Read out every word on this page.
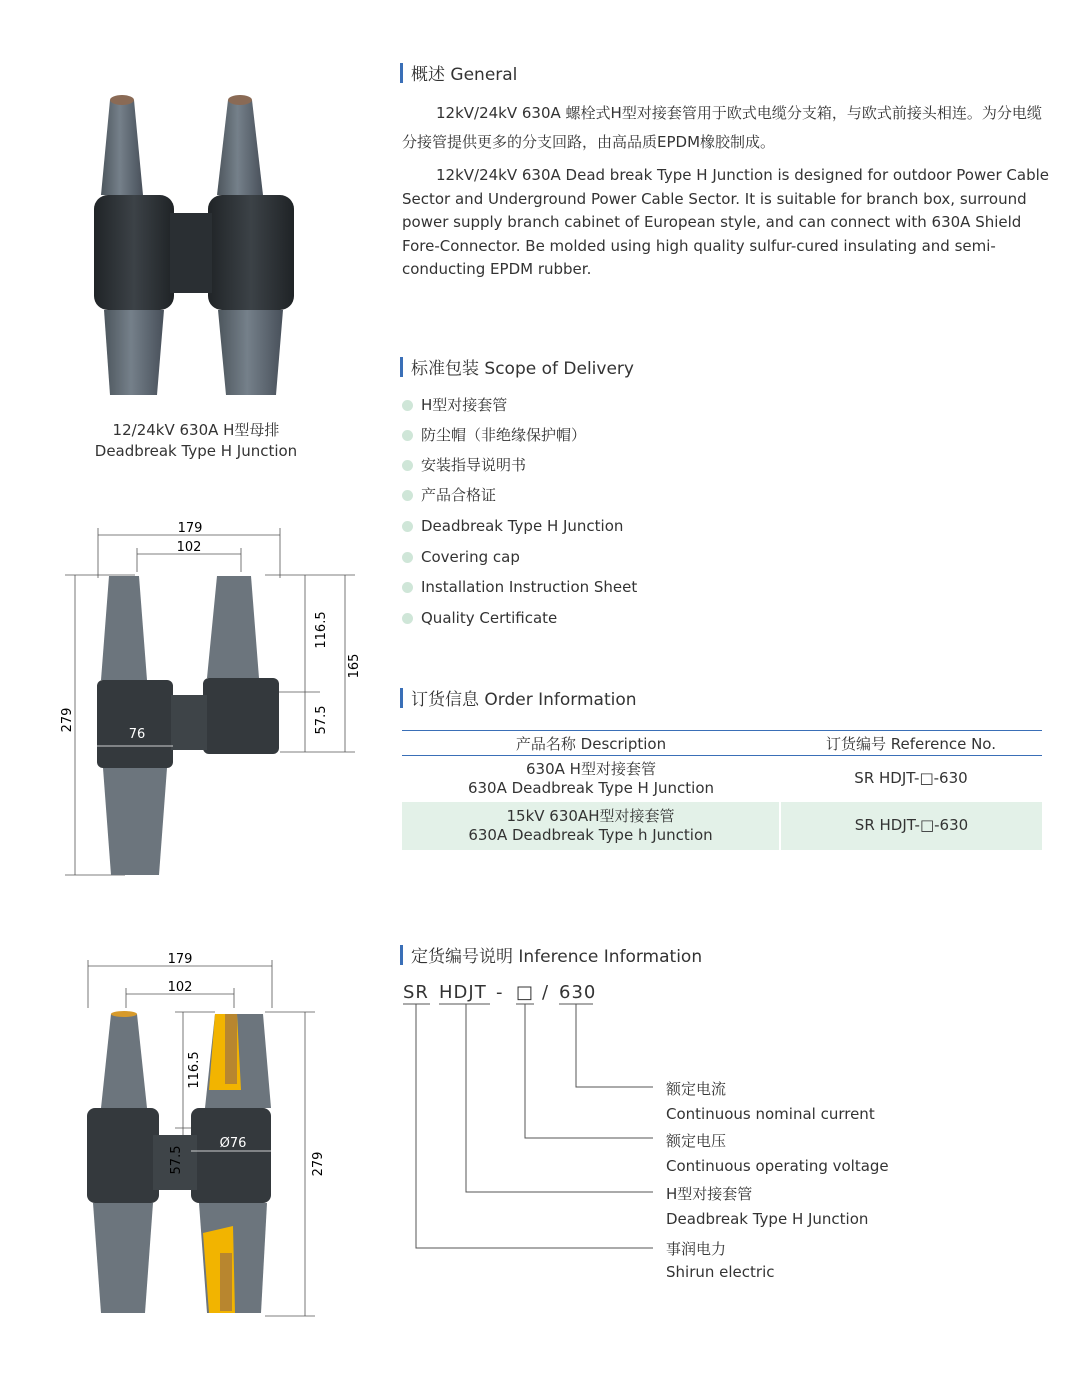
12/24kV 630A H型母排
Deadbreak Type H Junction
179
102
279
116.5
57.5
165
76
179
102
116.5
57.5
Ø76
279
概述 General
12kV/24kV 630A 螺栓式H型对接套管用于欧式电缆分支箱，与欧式前接头相连。为分电缆分接管提供更多的分支回路，由高品质EPDM橡胶制成。
12kV/24kV 630A Dead break Type H Junction is designed for outdoor Power Cable Sector and Underground Power Cable Sector. It is suitable for branch box, surround power supply branch cabinet of European style, and can connect with 630A Shield Fore-Connector. Be molded using high quality sulfur-cured insulating and semi-conducting EPDM rubber.
标准包装 Scope of Delivery
H型对接套管
防尘帽（非绝缘保护帽）
安装指导说明书
产品合格证
Deadbreak Type H Junction
Covering cap
Installation Instruction Sheet
Quality Certificate
订货信息 Order Information
产品名称 Description	订货编号 Reference No.

630A H型对接套管
630A Deadbreak Type H Junction	SR HDJT-□-630

15kV 630AH型对接套管
630A Deadbreak Type h Junction	SR HDJT-□-630
定货编号说明 Inference Information
SR HDJT - □ / 630
额定电流
Continuous nominal current
额定电压
Continuous operating voltage
H型对接套管
Deadbreak Type H Junction
事润电力
Shirun electric
